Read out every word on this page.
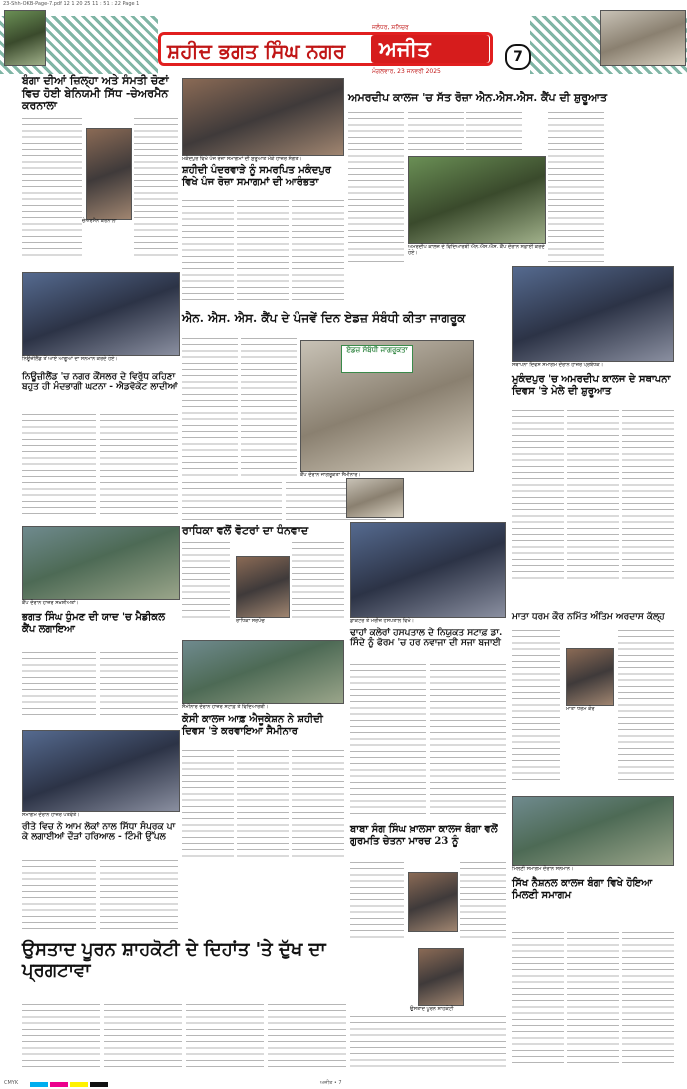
23-Shh-OKB-Page-7.pdf 12 1 20 25 11 : 51 : 22 Page 1
ਸ਼ਹੀਦ ਭਗਤ ਸਿੰਘ ਨਗਰ ਅਜੀਤ
ਜਲੰਧਰ, ਸ਼ਨਿਚਰ
ਮੰਗਲਵਾਰ, 23 ਜਨਵਰੀ 2025
7
ਬੰਗਾ ਦੀਆਂ ਜ਼ਿਲ੍ਹਾ ਅਤੇ ਸੰਮਤੀ ਚੋਣਾਂ ਵਿਚ ਹੋਈ ਬੇਨਿਯਮੀ ਸਿੱਧ -ਚੇਅਰਮੈਨ ਕਰਨਾਲਾ
ਚੇਅਰਮੈਨ ਕਰਨਾਲਾ
ਨਿਊਜ਼ੀਲੈਂਡ ਤੋਂ ਆਏ ਆਗੂਆਂ ਦਾ ਸਨਮਾਨ ਕਰਦੇ ਹੋਏ।
ਨਿਊਜ਼ੀਲੈਂਡ 'ਚ ਨਗਰ ਕੌਂਸਲਰ ਦੇ ਵਿਰੁੱਧ ਕਹਿਣਾ ਬਹੁਤ ਹੀ ਮੰਦਭਾਗੀ ਘਟਨਾ - ਐਡਵੋਕੇਟ ਲਾਦੀਆਂ
ਕੈਂਪ ਦੌਰਾਨ ਹਾਜ਼ਰ ਸਖ਼ਸ਼ੀਅਤਾਂ।
ਭਗਤ ਸਿੰਘ ਧੁੰਮਣ ਦੀ ਯਾਦ 'ਚ ਮੈਡੀਕਲ ਕੈਂਪ ਲਗਾਇਆ
ਸਮਾਗਮ ਦੌਰਾਨ ਹਾਜ਼ਰ ਪਤਵੰਤੇ।
ਰੀਤੇ ਵਿਚ ਨੇ ਆਮ ਲੋਕਾਂ ਨਾਲ ਸਿੱਧਾ ਸੰਪਰਕ ਪਾ ਕੇ ਲਗਾਈਆਂ ਦੌੜਾਂ ਹਰਿਆਲ - ਟਿੰਮੀ ਉੱਪਲ
ਮਕੰਦਪੁਰ ਵਿਖੇ ਪੰਜ ਰੋਜ਼ਾ ਸਮਾਗਮਾਂ ਦੀ ਸ਼ੁਰੂਆਤ ਮੌਕੇ ਹਾਜ਼ਰ ਸੰਗਤ।
ਸ਼ਹੀਦੀ ਪੰਦਰਵਾੜੇ ਨੂੰ ਸਮਰਪਿਤ ਮਕੰਦਪੁਰ ਵਿਖੇ ਪੰਜ ਰੋਜ਼ਾ ਸਮਾਗਮਾਂ ਦੀ ਆਰੰਭਤਾ
ਐਨ. ਐਸ. ਐਸ. ਕੈਂਪ ਦੇ ਪੰਜਵੇਂ ਦਿਨ ਏਡਜ਼ ਸੰਬੰਧੀ ਕੀਤਾ ਜਾਗਰੂਕ
ਏਡਜ਼ ਸੰਬੰਧੀ ਜਾਗਰੂਕਤਾ
ਕੈਂਪ ਦੌਰਾਨ ਜਾਗਰੂਕਤਾ ਸੈਮੀਨਾਰ।
ਰਾਧਿਕਾ ਵਲੋਂ ਵੋਟਰਾਂ ਦਾ ਧੰਨਵਾਦ
ਰਾਧਿਕਾ ਸਰਪੰਚ
ਸੈਮੀਨਾਰ ਦੌਰਾਨ ਹਾਜ਼ਰ ਸਟਾਫ਼ ਤੇ ਵਿਦਿਆਰਥੀ।
ਕੋਸੀ ਕਾਲਜ ਆਫ਼ ਐਜੂਕੇਸ਼ਨ ਨੇ ਸ਼ਹੀਦੀ ਦਿਵਸ 'ਤੇ ਕਰਵਾਇਆ ਸੈਮੀਨਾਰ
ਅਮਰਦੀਪ ਕਾਲਜ 'ਚ ਸੱਤ ਰੋਜ਼ਾ ਐਨ.ਐਸ.ਐਸ. ਕੈਂਪ ਦੀ ਸ਼ੁਰੂਆਤ
ਅਮਰਦੀਪ ਕਾਲਜ ਦੇ ਵਿਦਿਆਰਥੀ ਐਨ.ਐਸ.ਐਸ. ਕੈਂਪ ਦੌਰਾਨ ਸਫ਼ਾਈ ਕਰਦੇ ਹੋਏ।
ਡਾਕਟਰ ਤੇ ਮਰੀਜ਼ ਹਸਪਤਾਲ ਵਿਖੇ।
ਢਾਹਾਂ ਕਲੇਰਾਂ ਹਸਪਤਾਲ ਦੇ ਨਿਯੁਕਤ ਸਟਾਫ਼ ਡਾ. ਸਿੰਦੇ ਨੂੰ ਫੋਰਮ 'ਚ ਹਰ ਨਵਾਜਾ ਦੀ ਸਜਾ ਬਜਾਈ
ਬਾਬਾ ਸੰਗ ਸਿੰਘ ਖ਼ਾਲਸਾ ਕਾਲਜ ਬੰਗਾ ਵਲੋਂ ਗੁਰਮਤਿ ਚੇਤਨਾ ਮਾਰਚ 23 ਨੂੰ
ਸਥਾਪਨਾ ਦਿਵਸ ਸਮਾਗਮ ਦੌਰਾਨ ਹਾਜ਼ਰ ਪ੍ਰਬੰਧਕ।
ਮੁਕੰਦਪੁਰ 'ਚ ਅਮਰਦੀਪ ਕਾਲਜ ਦੇ ਸਥਾਪਨਾ ਦਿਵਸ 'ਤੇ ਮੇਲੇ ਦੀ ਸ਼ੁਰੂਆਤ
ਮਾਤਾ ਧਰਮ ਕੌਰ ਨਮਿੱਤ ਅੰਤਿਮ ਅਰਦਾਸ ਕੱਲ੍ਹ
ਮਾਤਾ ਧਰਮ ਕੌਰ
ਮਿਲਣੀ ਸਮਾਗਮ ਦੌਰਾਨ ਸਨਮਾਨ।
ਸਿੱਖ ਨੈਸ਼ਨਲ ਕਾਲਜ ਬੰਗਾ ਵਿਖੇ ਹੋਇਆ ਮਿਲਣੀ ਸਮਾਗਮ
ਉਸਤਾਦ ਪੂਰਨ ਸ਼ਾਹਕੋਟੀ ਦੇ ਦਿਹਾਂਤ 'ਤੇ ਦੁੱਖ ਦਾ ਪ੍ਰਗਟਾਵਾ
ਉਸਤਾਦ ਪੂਰਨ ਸ਼ਾਹਕੋਟੀ
CMYK	ਅਜੀਤ • 7
